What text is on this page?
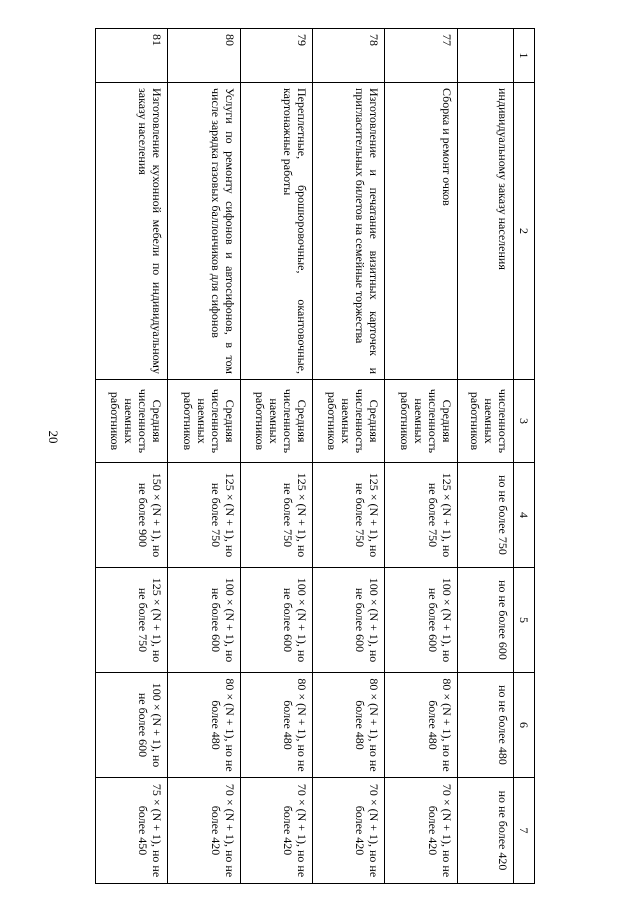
20
1	2	3	4	5	6	7
	индивидуальному заказу населения	численность наемных работников	но не более 750	но не более 600	но не более 480	но не более 420
77	Сборка и ремонт очков	Средняя численность наемных работников	125 × (N + 1), но не более 750	100 × (N + 1), но не более 600	80 × (N + 1), но не более 480	70 × (N + 1), но не более 420
78	Изготовление и печатание визитных карточек и пригласительных билетов на семейные торжества	Средняя численность наемных работников	125 × (N + 1), но не более 750	100 × (N + 1), но не более 600	80 × (N + 1), но не более 480	70 × (N + 1), но не более 420
79	Переплетные, брошюровочные, окантовочные, картонажные работы	Средняя численность наемных работников	125 × (N + 1), но не более 750	100 × (N + 1), но не более 600	80 × (N + 1), но не более 480	70 × (N + 1), но не более 420
80	Услуги по ремонту сифонов и автосифонов, в том числе зарядка газовых баллончиков для сифонов	Средняя численность наемных работников	125 × (N + 1), но не более 750	100 × (N + 1), но не более 600	80 × (N + 1), но не более 480	70 × (N + 1), но не более 420
81	Изготовление кухонной мебели по индивидуальному заказу населения	Средняя численность наемных работников	150 × (N + 1), но не более 900	125 × (N + 1), но не более 750	100 × (N + 1), но не более 600	75 × (N + 1), но не более 450
